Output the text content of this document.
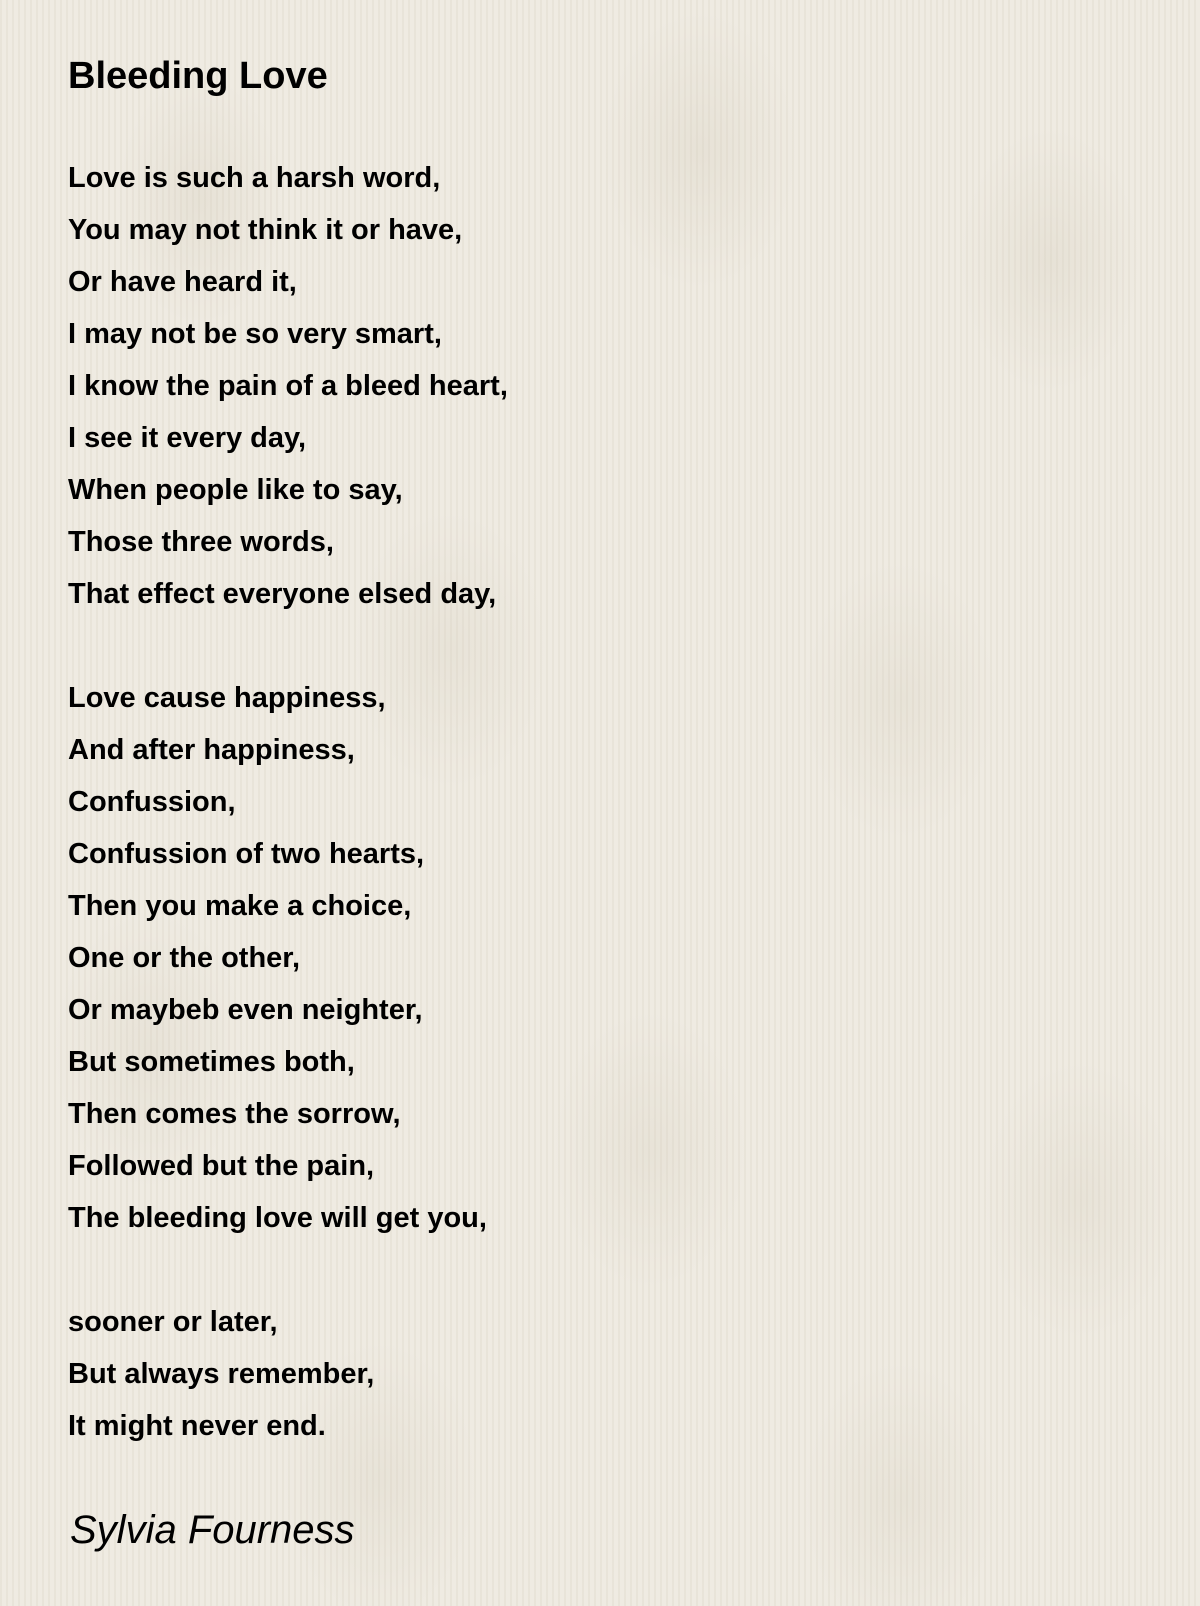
Bleeding Love
Love is such a harsh word,
You may not think it or have,
Or have heard it,
I may not be so very smart,
I know the pain of a bleed heart,
I see it every day,
When people like to say,
Those three words,
That effect everyone elsed day,
Love cause happiness,
And after happiness,
Confussion,
Confussion of two hearts,
Then you make a choice,
One or the other,
Or maybeb even neighter,
But sometimes both,
Then comes the sorrow,
Followed but the pain,
The bleeding love will get you,
sooner or later,
But always remember,
It might never end.
Sylvia Fourness
